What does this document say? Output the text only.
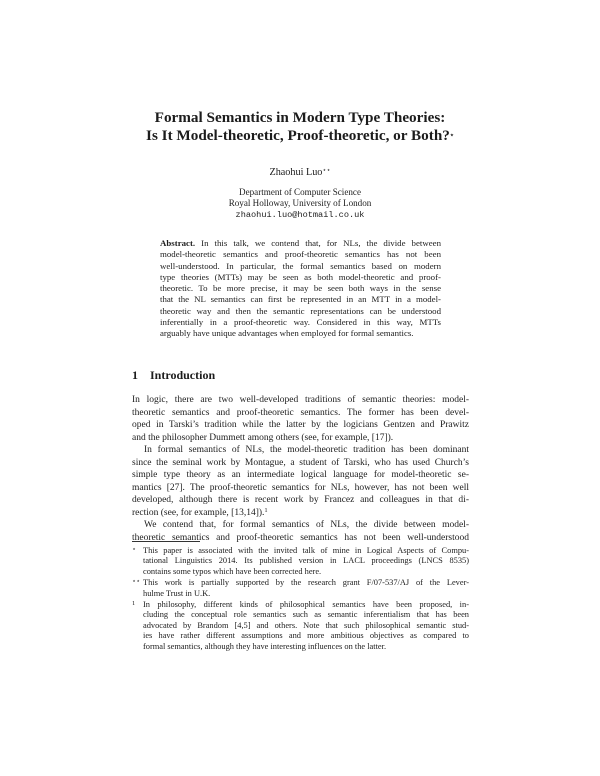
Formal Semantics in Modern Type Theories:
Is It Model-theoretic, Proof-theoretic, or Both?⋆
Zhaohui Luo⋆⋆
Department of Computer Science
Royal Holloway, University of London
zhaohui.luo@hotmail.co.uk
Abstract. In this talk, we contend that, for NLs, the divide between
model-theoretic semantics and proof-theoretic semantics has not been
well-understood. In particular, the formal semantics based on modern
type theories (MTTs) may be seen as both model-theoretic and proof-
theoretic. To be more precise, it may be seen both ways in the sense
that the NL semantics can first be represented in an MTT in a model-
theoretic way and then the semantic representations can be understood
inferentially in a proof-theoretic way. Considered in this way, MTTs
arguably have unique advantages when employed for formal semantics.
1 Introduction
In logic, there are two well-developed traditions of semantic theories: model-
theoretic semantics and proof-theoretic semantics. The former has been devel-
oped in Tarski’s tradition while the latter by the logicians Gentzen and Prawitz
and the philosopher Dummett among others (see, for example, [17]).
In formal semantics of NLs, the model-theoretic tradition has been dominant
since the seminal work by Montague, a student of Tarski, who has used Church’s
simple type theory as an intermediate logical language for model-theoretic se-
mantics [27]. The proof-theoretic semantics for NLs, however, has not been well
developed, although there is recent work by Francez and colleagues in that di-
rection (see, for example, [13,14]).$^1$
We contend that, for formal semantics of NLs, the divide between model-
theoretic semantics and proof-theoretic semantics has not been well-understood
⋆ This paper is associated with the invited talk of mine in Logical Aspects of Compu-
tational Linguistics 2014. Its published version in LACL proceedings (LNCS 8535)
contains some typos which have been corrected here.
⋆⋆ This work is partially supported by the research grant F/07-537/AJ of the Lever-
hulme Trust in U.K.
1 In philosophy, different kinds of philosophical semantics have been proposed, in-
cluding the conceptual role semantics such as semantic inferentialism that has been
advocated by Brandom [4,5] and others. Note that such philosophical semantic stud-
ies have rather different assumptions and more ambitious objectives as compared to
formal semantics, although they have interesting influences on the latter.
